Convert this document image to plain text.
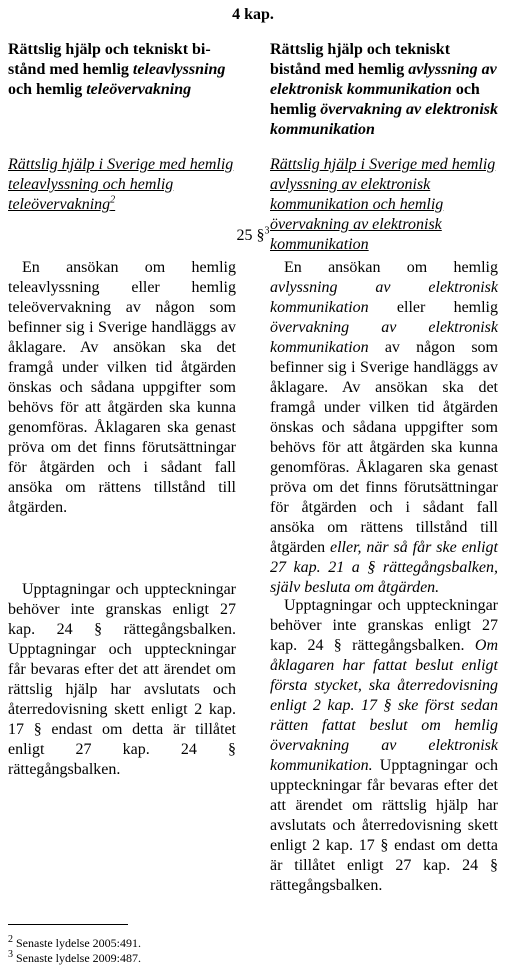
4 kap.
Rättslig hjälp och tekniskt bi-
stånd med hemlig teleavlyssning
och hemlig teleövervakning
Rättslig hjälp i Sverige med hemlig teleavlyssning och hemlig teleövervakning$^2$
En ansökan om hemlig teleavlyssning eller hemlig teleövervakning av någon som befinner sig i Sverige handläggs av åklagare. Av ansökan ska det framgå under vilken tid åtgärden önskas och sådana uppgifter som behövs för att åtgärden ska kunna genomföras. Åklagaren ska genast pröva om det finns förutsättningar för åtgärden och i sådant fall ansöka om rättens tillstånd till åtgärden.
Upptagningar och uppteckningar behöver inte granskas enligt 27 kap. 24 § rättegångsbalken. Upptagningar och uppteckningar får bevaras efter det att ärendet om rättslig hjälp har avslutats och återredovisning skett enligt 2 kap. 17 § endast om detta är tillåtet enligt 27 kap. 24 § rättegångsbalken.
25 §$^3$
Rättslig hjälp och tekniskt bistånd med hemlig avlyssning av elektronisk kommunikation och hemlig övervakning av elektronisk kommunikation
Rättslig hjälp i Sverige med hemlig avlyssning av elektronisk kommunikation och hemlig övervakning av elektronisk kommunikation
En ansökan om hemlig avlyssning av elektronisk kommunikation eller hemlig övervakning av elektronisk kommunikation av någon som befinner sig i Sverige handläggs av åklagare. Av ansökan ska det framgå under vilken tid åtgärden önskas och sådana uppgifter som behövs för att åtgärden ska kunna genomföras. Åklagaren ska genast pröva om det finns förutsättningar för åtgärden och i sådant fall ansöka om rättens tillstånd till åtgärden eller, när så får ske enligt 27 kap. 21 a § rättegångsbalken, själv besluta om åtgärden.
Upptagningar och uppteckningar behöver inte granskas enligt 27 kap. 24 § rättegångsbalken. Om åklagaren har fattat beslut enligt första stycket, ska återredovisning enligt 2 kap. 17 § ske först sedan rätten fattat beslut om hemlig övervakning av elektronisk kommunikation. Upptagningar och uppteckningar får bevaras efter det att ärendet om rättslig hjälp har avslutats och återredovisning skett enligt 2 kap. 17 § endast om detta är tillåtet enligt 27 kap. 24 § rättegångsbalken.
$^2$ Senaste lydelse 2005:491.
$^3$ Senaste lydelse 2009:487.
